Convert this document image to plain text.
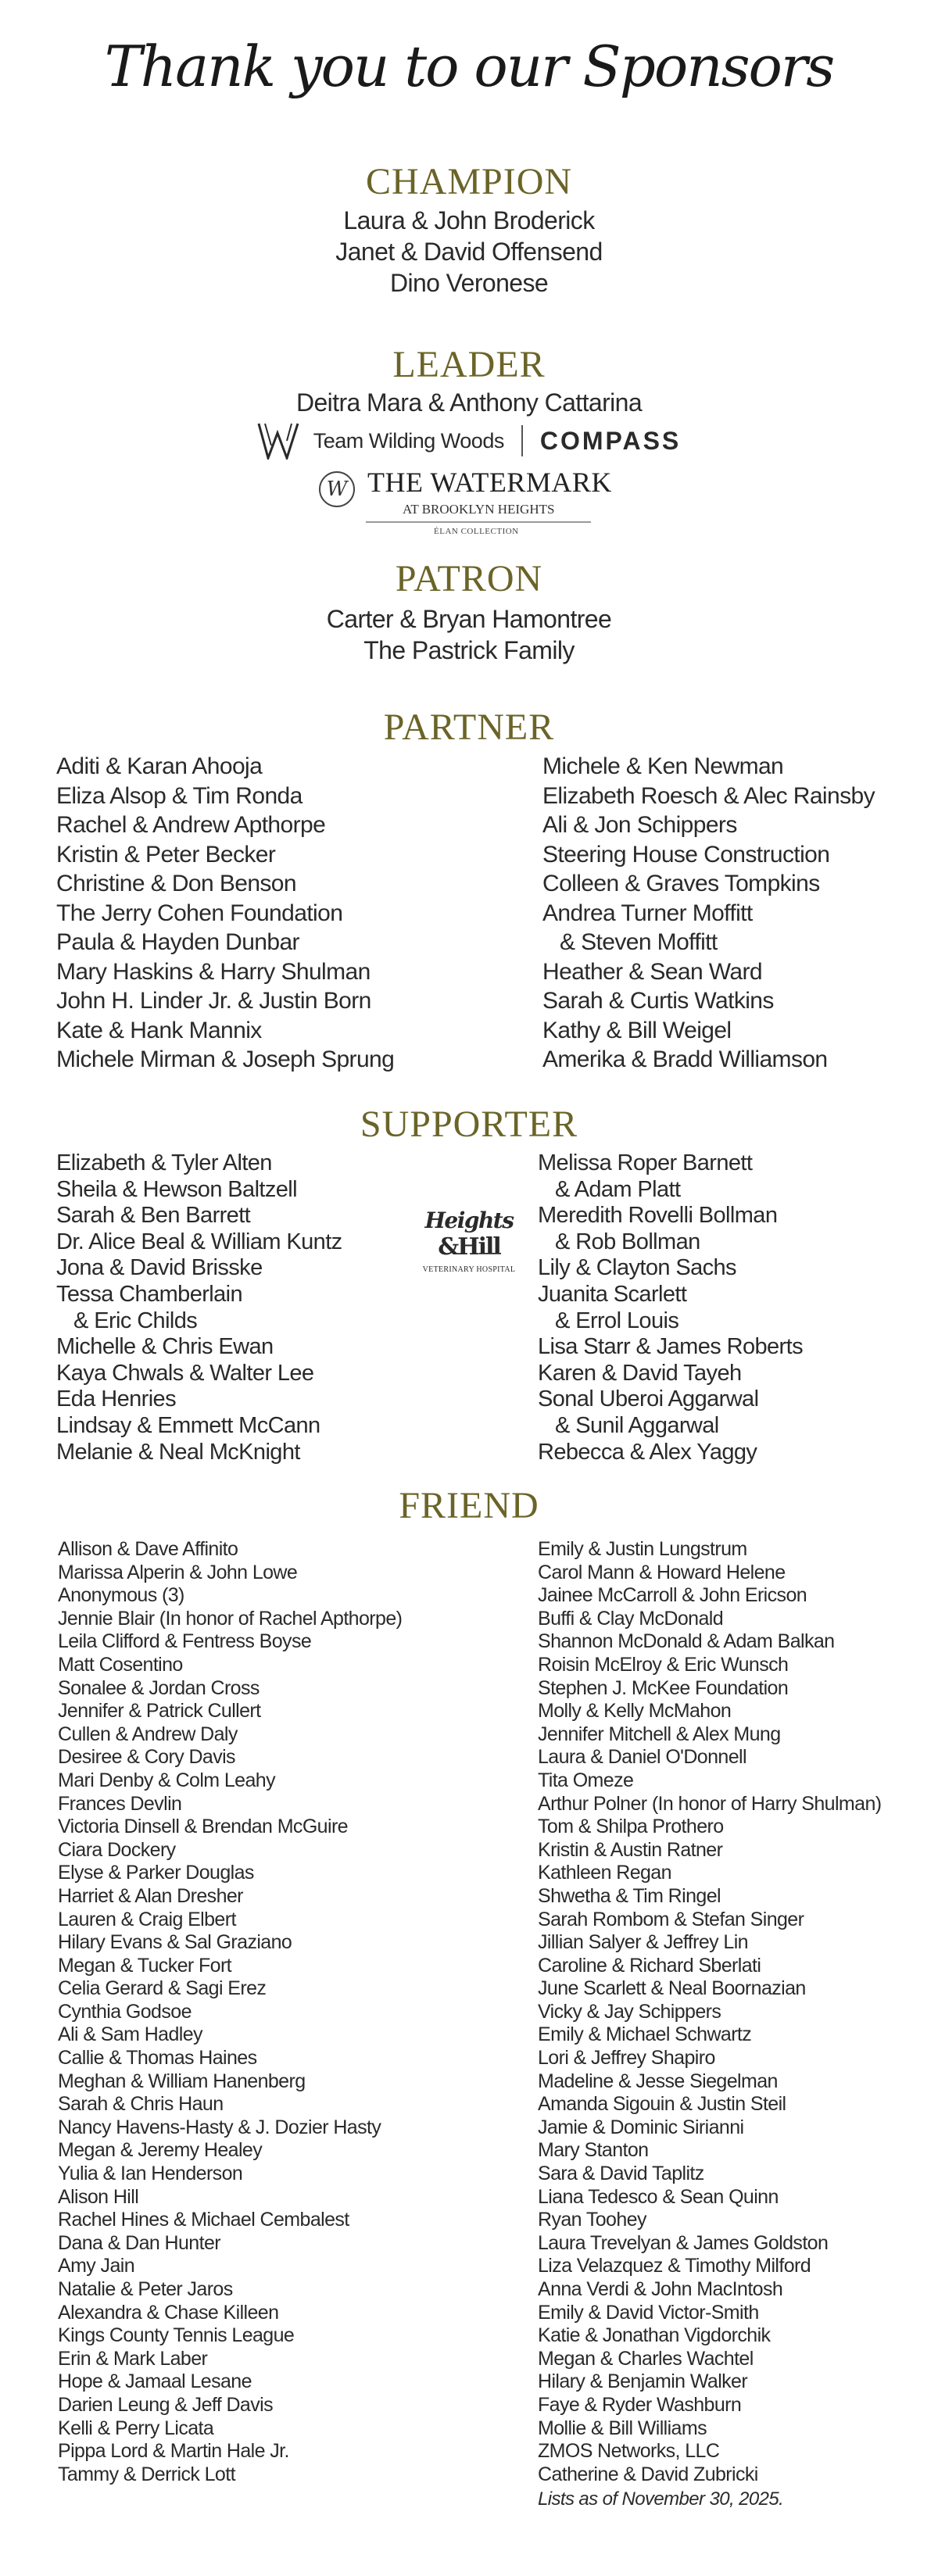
Thank you to our Sponsors
CHAMPION
Laura & John Broderick
Janet & David Offensend
Dino Veronese
LEADER
Deitra Mara & Anthony Cattarina
Team Wilding Woods COMPASS
W THE WATERMARK
AT BROOKLYN HEIGHTS
ÉLAN COLLECTION
PATRON
Carter & Bryan Hamontree
The Pastrick Family
PARTNER
Aditi & Karan Ahooja
Eliza Alsop & Tim Ronda
Rachel & Andrew Apthorpe
Kristin & Peter Becker
Christine & Don Benson
The Jerry Cohen Foundation
Paula & Hayden Dunbar
Mary Haskins & Harry Shulman
John H. Linder Jr. & Justin Born
Kate & Hank Mannix
Michele Mirman & Joseph Sprung
Michele & Ken Newman
Elizabeth Roesch & Alec Rainsby
Ali & Jon Schippers
Steering House Construction
Colleen & Graves Tompkins
Andrea Turner Moffitt
& Steven Moffitt
Heather & Sean Ward
Sarah & Curtis Watkins
Kathy & Bill Weigel
Amerika & Bradd Williamson
SUPPORTER
Elizabeth & Tyler Alten
Sheila & Hewson Baltzell
Sarah & Ben Barrett
Dr. Alice Beal & William Kuntz
Jona & David Brisske
Tessa Chamberlain
& Eric Childs
Michelle & Chris Ewan
Kaya Chwals & Walter Lee
Eda Henries
Lindsay & Emmett McCann
Melanie & Neal McKnight
Heights
&Hill
VETERINARY HOSPITAL
Melissa Roper Barnett
& Adam Platt
Meredith Rovelli Bollman
& Rob Bollman
Lily & Clayton Sachs
Juanita Scarlett
& Errol Louis
Lisa Starr & James Roberts
Karen & David Tayeh
Sonal Uberoi Aggarwal
& Sunil Aggarwal
Rebecca & Alex Yaggy
FRIEND
Allison & Dave Affinito
Marissa Alperin & John Lowe
Anonymous (3)
Jennie Blair (In honor of Rachel Apthorpe)
Leila Clifford & Fentress Boyse
Matt Cosentino
Sonalee & Jordan Cross
Jennifer & Patrick Cullert
Cullen & Andrew Daly
Desiree & Cory Davis
Mari Denby & Colm Leahy
Frances Devlin
Victoria Dinsell & Brendan McGuire
Ciara Dockery
Elyse & Parker Douglas
Harriet & Alan Dresher
Lauren & Craig Elbert
Hilary Evans & Sal Graziano
Megan & Tucker Fort
Celia Gerard & Sagi Erez
Cynthia Godsoe
Ali & Sam Hadley
Callie & Thomas Haines
Meghan & William Hanenberg
Sarah & Chris Haun
Nancy Havens-Hasty & J. Dozier Hasty
Megan & Jeremy Healey
Yulia & Ian Henderson
Alison Hill
Rachel Hines & Michael Cembalest
Dana & Dan Hunter
Amy Jain
Natalie & Peter Jaros
Alexandra & Chase Killeen
Kings County Tennis League
Erin & Mark Laber
Hope & Jamaal Lesane
Darien Leung & Jeff Davis
Kelli & Perry Licata
Pippa Lord & Martin Hale Jr.
Tammy & Derrick Lott
Emily & Justin Lungstrum
Carol Mann & Howard Helene
Jainee McCarroll & John Ericson
Buffi & Clay McDonald
Shannon McDonald & Adam Balkan
Roisin McElroy & Eric Wunsch
Stephen J. McKee Foundation
Molly & Kelly McMahon
Jennifer Mitchell & Alex Mung
Laura & Daniel O'Donnell
Tita Omeze
Arthur Polner (In honor of Harry Shulman)
Tom & Shilpa Prothero
Kristin & Austin Ratner
Kathleen Regan
Shwetha & Tim Ringel
Sarah Rombom & Stefan Singer
Jillian Salyer & Jeffrey Lin
Caroline & Richard Sberlati
June Scarlett & Neal Boornazian
Vicky & Jay Schippers
Emily & Michael Schwartz
Lori & Jeffrey Shapiro
Madeline & Jesse Siegelman
Amanda Sigouin & Justin Steil
Jamie & Dominic Sirianni
Mary Stanton
Sara & David Taplitz
Liana Tedesco & Sean Quinn
Ryan Toohey
Laura Trevelyan & James Goldston
Liza Velazquez & Timothy Milford
Anna Verdi & John MacIntosh
Emily & David Victor-Smith
Katie & Jonathan Vigdorchik
Megan & Charles Wachtel
Hilary & Benjamin Walker
Faye & Ryder Washburn
Mollie & Bill Williams
ZMOS Networks, LLC
Catherine & David Zubricki
Lists as of November 30, 2025.
